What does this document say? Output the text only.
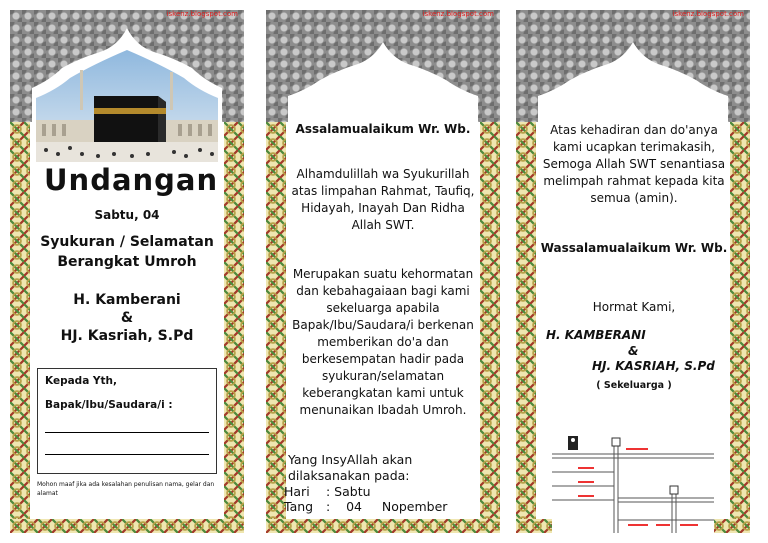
iskenz.blogspot.com
Undangan
Sabtu, 04
Syukuran / Selamatan
Berangkat Umroh
H. Kamberani
&
HJ. Kasriah, S.Pd
Kepada Yth,
Bapak/Ibu/Saudara/i :
Mohon maaf jika ada kesalahan penulisan nama, gelar dan alamat
iskenz.blogspot.com
Assalamualaikum Wr. Wb.
Alhamdulillah wa Syukurillah atas limpahan Rahmat, Taufiq, Hidayah, Inayah Dan Ridha Allah SWT.
Merupakan suatu kehormatan dan kebahagaiaan bagi kami sekeluarga apabila Bapak/Ibu/Saudara/i berkenan memberikan do'a dan berkesempatan hadir pada syukuran/selamatan keberangkatan kami untuk menunaikan Ibadah Umroh.
Yang InsyAllah akan dilaksanakan pada:
Hari : Sabtu
Tang :    04     Nopember
iskenz.blogspot.com
Atas kehadiran dan do'anya kami ucapkan terimakasih, Semoga Allah SWT senantiasa melimpah rahmat kepada kita semua (amin).
Wassalamualaikum Wr. Wb.
Hormat Kami,
H. KAMBERANI
&
HJ. KASRIAH, S.Pd
( Sekeluarga )
